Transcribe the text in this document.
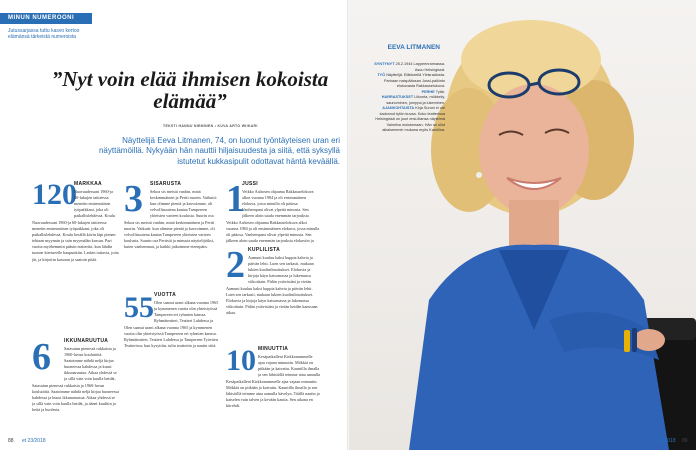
MINUN NUMEROONI
Jutussarjassa tuttu kasvo kertoo elämänsä tärkeistä numeroista
”Nyt voin elää ihmisen kokoista elämää”
TEKSTI HANNU NIEMINEN • KUVA ARTO WIIKARI
Näyttelijä Eeva Litmanen, 74, on luonut työntäyteisen uran eri näyttämöillä. Nykyään hän nauttii hiljaisuudesta ja siitä, että syksyllä istutetut kukkasipulit odottavat häntä keväällä.
120
MARKKAA
Nuoruudessani 1960-ja 60-lukujen taitteessa menetin ensimmäisen työpaikkani, joka oli paikallislehdessä. Koulu
Nuoruudessani 1960-ja 60-lukujen taitteessa menetin ensimmäisen työpaikkani, joka oli paikallislehdessä. Koulu kesällä kävin läpi pienen tehtaan myynnin ja sain myymälän kassan. Pari vuotta myöhemmin pääsin teatteriin, kun lähdin tuonne kiertueelle kaupunkiin. Laskin tuttavia, joita jäi, ja kirjoitin kassaan ja saatoin pitää.
6	IKKUNARUUTUA
Satasatun pienessä rukkaisia ja 1960-luvun koulutöitä. Saatoimme nähdä neljä kirjaa huoneessa kahdessa ja kuusi ikkunaruutua. Aikaa yhdessä se ja sillä vain voin kuulla heidät,
Satasatun pienessä rukkaisia ja 1960-luvun koulutöitä. Saatoimme nähdä neljä kirjaa huoneessa kahdessa ja kuusi ikkunaruutua. Aikaa yhdessä se ja sillä vain voin kuulla heidät, ja äänet kuultiin ja heitä ja huolesta.
3 SISARUSTA
Sekoa sis meistä vanhin, minä keskimmäinen ja Pertti nuorin. Vaikutti: kun olimme pieniä ja kasvoimme, oli velvollisuutena kantaa Tampereen yhteisten varteen koulusta. Suurin osa
Sekoa sis meistä vanhin, minä keskimmäinen ja Pertti nuorin. Vaikutti: kun olimme pieniä ja kasvoimme, oli velvollisuutena kantaa Tampereen yhteisten varteen koulusta. Suurin osa Pertistä ja minusta näyttelijöiksi, kuten vanhemmat, ja kaikki jatkoimme eteenpäin.
55 VUOTTA
Olen saanut urani alkana vuonna 1965 ja kymmenen vuotta olin yhteistyössä Tampereen eri ryhmien kanssa. Ryhmäteatteri, Teatteri Lahdessa ja
Olen saanut urani alkana vuonna 1965 ja kymmenen vuotta olin yhteistyössä Tampereen eri ryhmien kanssa. Ryhmäteatteri, Teatteri Lahdessa ja Tampereen Työväen Teatterissa; kun kysyttiin, tulin teatteriin ja nautin siitä.
1
JUSSI
Veikko Aaltosen ohjaama Rakkauselokuva alkoi vuonna 1984 ja oli ensimmäinen elokuva, jossa minulla oli pääosa. Vanhempani olivat ylpeitä minusta. Sen jälkeen aloin saada enemmän tarjouksia
Veikko Aaltosen ohjaama Rakkauselokuva alkoi vuonna 1984 ja oli ensimmäinen elokuva, jossa minulla oli pääosa. Vanhempani olivat ylpeitä minusta. Sen jälkeen aloin saada enemmän tarjouksia elokuviin ja
2 KUPLILISTA
Aamuni kuuluu kaksi kuppia kahvia ja päivän lehti. Luen sen tarkasti, mukaan lukien kuolinilmoitukset. Elokuvia ja kirjoja käyn katsomassa ja lukemassa viikoittain. Pidän ystävistäni ja vietän
Aamuni kuuluu kaksi kuppia kahvia ja päivän lehti. Luen sen tarkasti, mukaan lukien kuolinilmoitukset. Elokuvia ja kirjoja käyn katsomassa ja lukemassa viikoittain. Pidän ystävistäni ja vietän heidän kanssaan aikaa.
10 MINUUTTIA
Kesäpaikalleni Kirkkonummelle ajaa vajaan minuutin. Mökkiä on pitkään ja kaivattu. Kauniilla ilmalla ja sen lähistöllä teimme aina aamulla
Kesäpaikalleni Kirkkonummelle ajaa vajaan minuutin. Mökkiä on pitkään ja kaivattu. Kauniilla ilmalla ja sen lähistöllä teimme aina aamulla kävelyn. Täällä nautin ja katselen vain talven ja kevään kautta. Sen aikana en kiirehdi.
88 et 23/2018
EEVA LITMANEN
SYNTYNYT 25.2.1944 Lappeenrannassa. Asuu Helsingissä.
TYÖ Näyttelijä. Eläkkeellä Yleisradiosta. Parhaan naispääosan Jussi-palkinto elokuvasta Rakkauselokuva.
PERHE Tytär.
HARRASTUKSET Liikunta, mökkeily, saunominen, jumppa ja lukeminen.
AJANKOHTAISTA Kirja Suruni ei ole kadonnut tytön kuvaa. Koko teatterissa Helsingissä on juuri ensi-iltansa näytelmä Valmiina muistomaan. Hän on ollut aikaisemmin mukana myös Karoliina.
et 23/2018 89
